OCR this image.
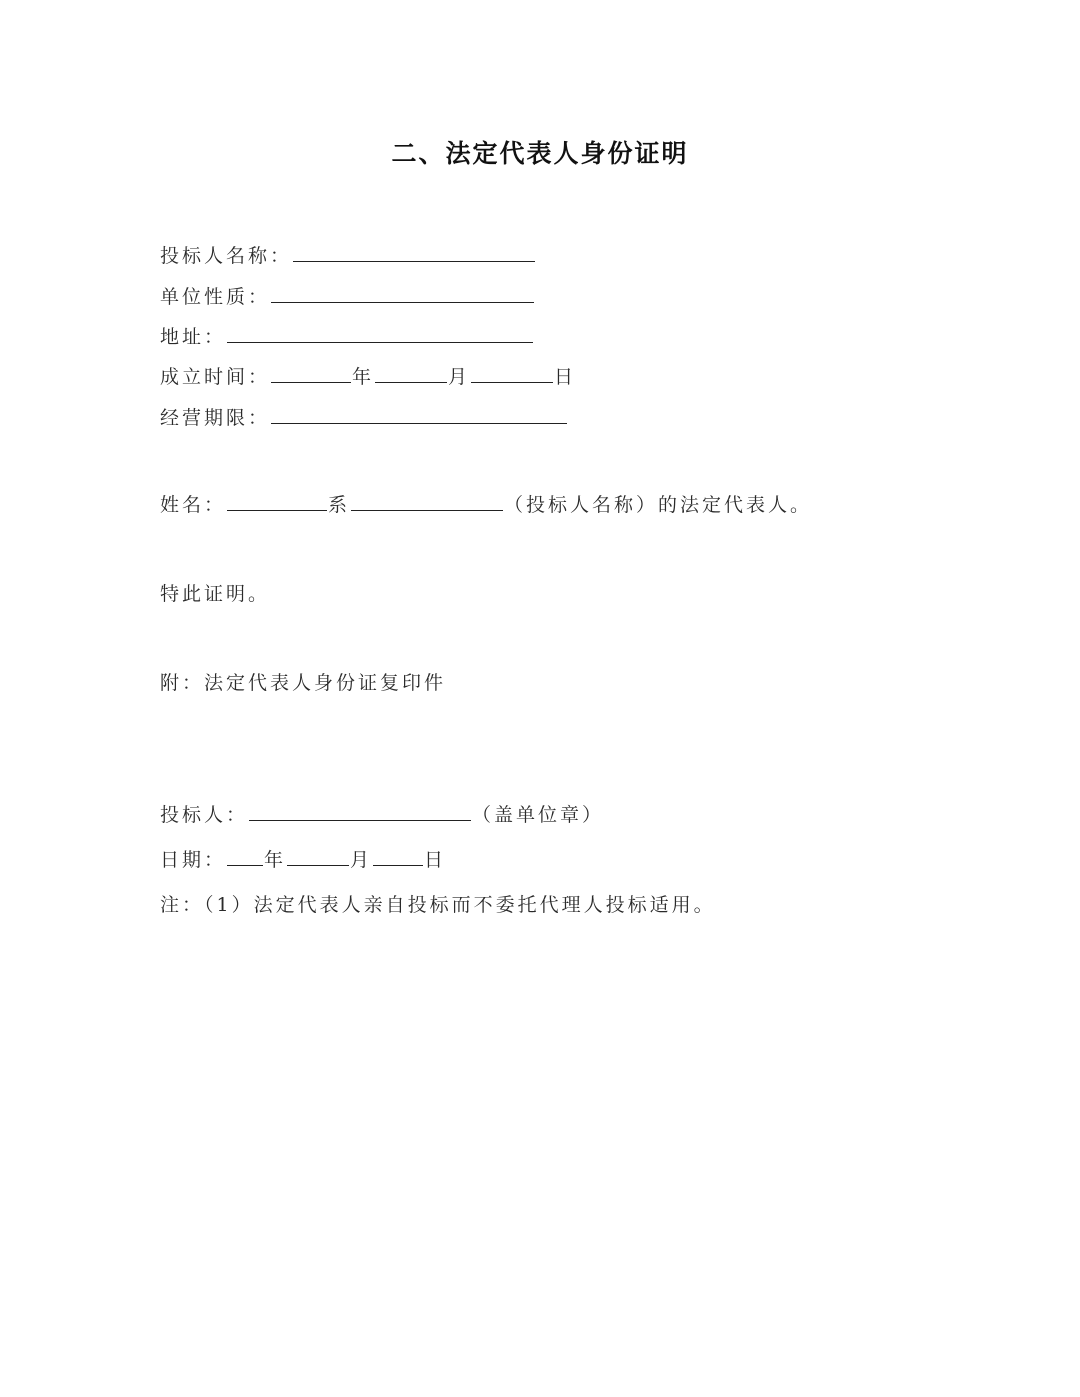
二、法定代表人身份证明
投标人名称：
单位性质：
地址：
成立时间：	年	月	日
经营期限：
姓名：	系	（投标人名称）的法定代表人。
特此证明。
附：法定代表人身份证复印件
投标人：	（盖单位章）
日期： 年	月	日
注：（1）法定代表人亲自投标而不委托代理人投标适用。
